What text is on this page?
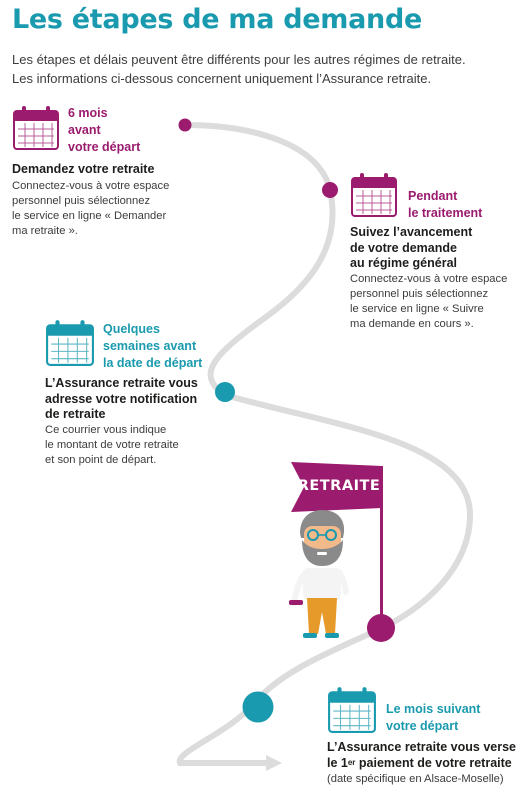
Les étapes de ma demande

Les étapes et délais peuvent être différents pour les autres régimes de retraite.

Les informations ci-dessous concernent uniquement l’Assurance retraite.

RETRAITE
6 mois
avant
votre départ
Demandez votre retraite
Connectez-vous à votre espace
personnel puis sélectionnez
le service en ligne « Demander
ma retraite ».
Pendant
le traitement
Suivez l’avancement
de votre demande
au régime général
Connectez-vous à votre espace
personnel puis sélectionnez
le service en ligne « Suivre
ma demande en cours ».
Quelques
semaines avant
la date de départ
L’Assurance retraite vous
adresse votre notification
de retraite
Ce courrier vous indique
le montant de votre retraite
et son point de départ.
Le mois suivant
votre départ
L’Assurance retraite vous verse
le 1er paiement de votre retraite
(date spécifique en Alsace-Moselle)
